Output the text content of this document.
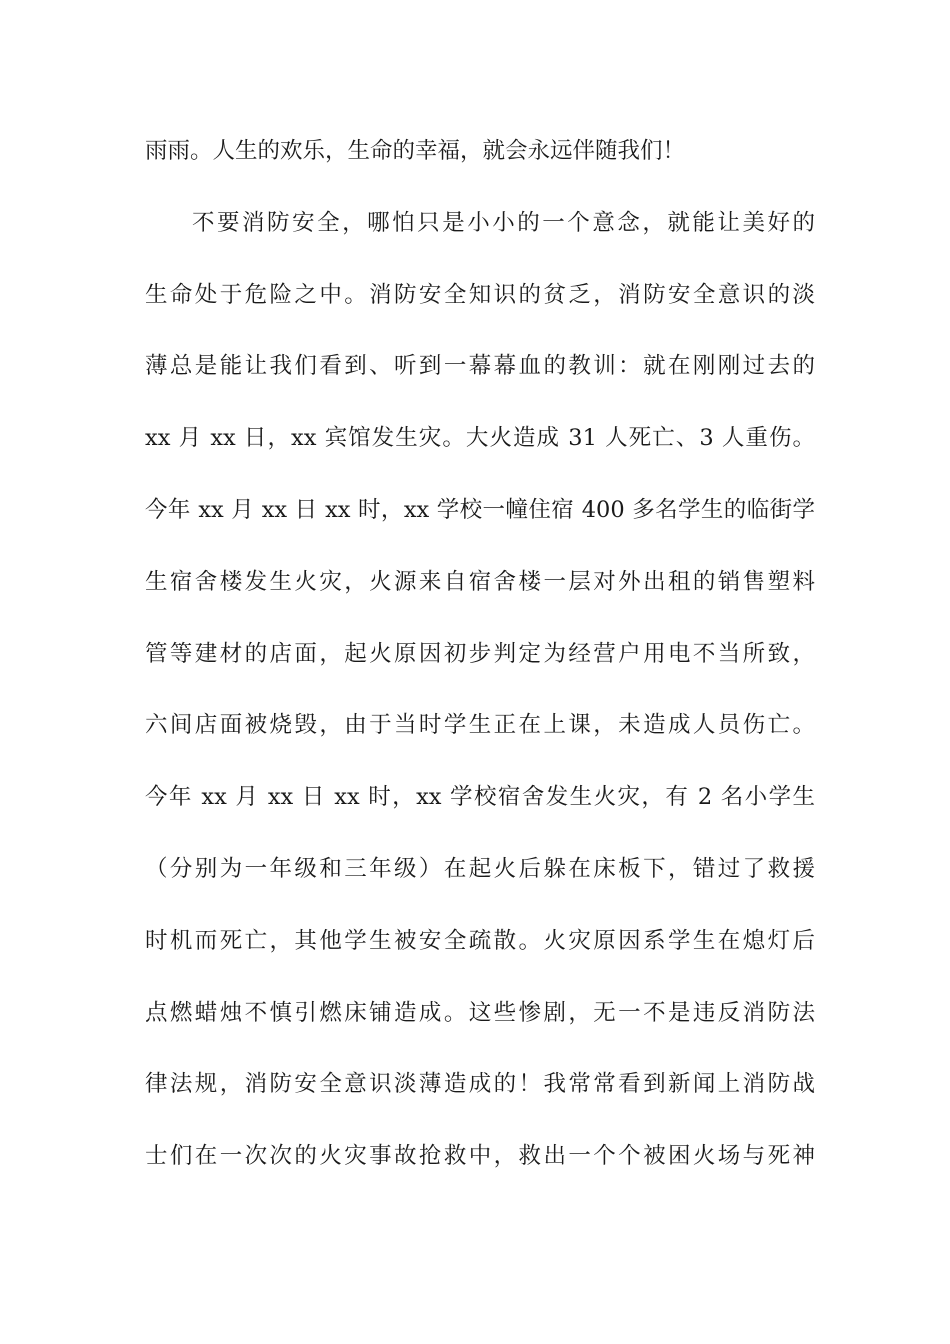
雨雨。人生的欢乐，生命的幸福，就会永远伴随我们！
不要消防安全，哪怕只是小小的一个意念，就能让美好的
生命处于危险之中。消防安全知识的贫乏，消防安全意识的淡
薄总是能让我们看到、听到一幕幕血的教训：就在刚刚过去的
xx 月 xx 日，xx 宾馆发生灾。大火造成 31 人死亡、3 人重伤。
今年 xx 月 xx 日 xx 时，xx 学校一幢住宿 400 多名学生的临街学
生宿舍楼发生火灾，火源来自宿舍楼一层对外出租的销售塑料
管等建材的店面，起火原因初步判定为经营户用电不当所致，
六间店面被烧毁，由于当时学生正在上课，未造成人员伤亡。
今年 xx 月 xx 日 xx 时，xx 学校宿舍发生火灾，有 2 名小学生
（分别为一年级和三年级）在起火后躲在床板下，错过了救援
时机而死亡，其他学生被安全疏散。火灾原因系学生在熄灯后
点燃蜡烛不慎引燃床铺造成。这些惨剧，无一不是违反消防法
律法规，消防安全意识淡薄造成的！我常常看到新闻上消防战
士们在一次次的火灾事故抢救中，救出一个个被困火场与死神
